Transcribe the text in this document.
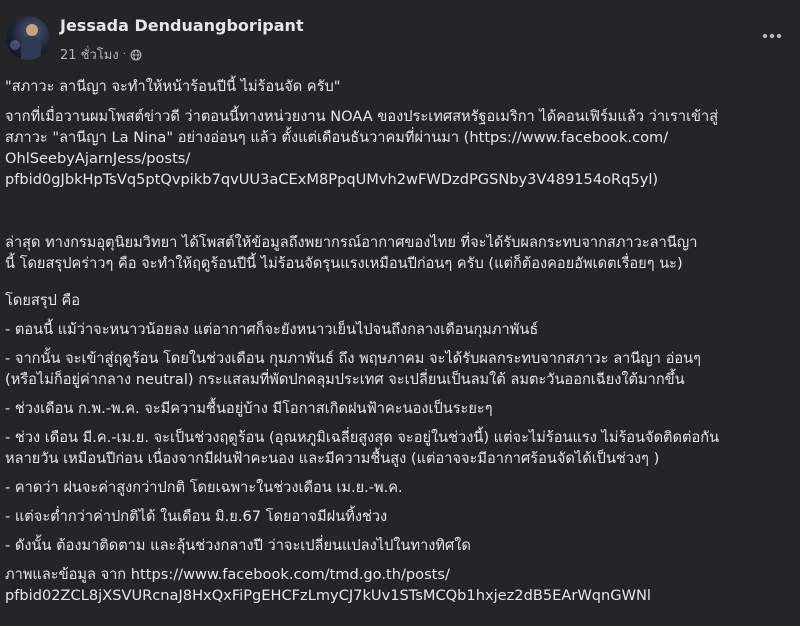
Jessada Denduangboripant
21 ชั่วโมง ·

"สภาวะ ลานีญา จะทำให้หน้าร้อนปีนี้ ไม่ร้อนจัด ครับ"

จากที่เมื่อวานผมโพสต์ข่าวดี ว่าตอนนี้ทางหน่วยงาน NOAA ของประเทศสหรัฐอเมริกา ได้คอนเฟิร์มแล้ว ว่าเราเข้าสู่
สภาวะ "ลานีญา La Nina" อย่างอ่อนๆ แล้ว ตั้งแต่เดือนธันวาคมที่ผ่านมา (https://www.facebook.com/
OhlSeebyAjarnJess/posts/
pfbid0gJbkHpTsVq5ptQvpikb7qvUU3aCExM8PpqUMvh2wFWDzdPGSNby3V489154oRq5yl)

ล่าสุด ทางกรมอุตุนิยมวิทยา ได้โพสต์ให้ข้อมูลถึงพยากรณ์อากาศของไทย ที่จะได้รับผลกระทบจากสภาวะลานีญา
นี้ โดยสรุปคร่าวๆ คือ จะทำให้ฤดูร้อนปีนี้ ไม่ร้อนจัดรุนแรงเหมือนปีก่อนๆ ครับ (แต่ก็ต้องคอยอัพเดตเรื่อยๆ นะ)

โดยสรุป คือ

- ตอนนี้ แม้ว่าจะหนาวน้อยลง แต่อากาศก็จะยังหนาวเย็นไปจนถึงกลางเดือนกุมภาพันธ์

- จากนั้น จะเข้าสู่ฤดูร้อน โดยในช่วงเดือน กุมภาพันธ์ ถึง พฤษภาคม จะได้รับผลกระทบจากสภาวะ ลานีญา อ่อนๆ
(หรือไม่ก็อยู่ค่ากลาง neutral) กระแสลมที่พัดปกคลุมประเทศ จะเปลี่ยนเป็นลมใต้ ลมตะวันออกเฉียงใต้มากขึ้น

- ช่วงเดือน ก.พ.-พ.ค. จะมีความชื้นอยู่บ้าง มีโอกาสเกิดฝนฟ้าคะนองเป็นระยะๆ

- ช่วง เดือน มี.ค.-เม.ย. จะเป็นช่วงฤดูร้อน (อุณหภูมิเฉลี่ยสูงสุด จะอยู่ในช่วงนี้) แต่จะไม่ร้อนแรง ไม่ร้อนจัดติดต่อกัน
หลายวัน เหมือนปีก่อน เนื่องจากมีฝนฟ้าคะนอง และมีความชื้นสูง (แต่อาจจะมีอากาศร้อนจัดได้เป็นช่วงๆ )

- คาดว่า ฝนจะค่าสูงกว่าปกติ โดยเฉพาะในช่วงเดือน เม.ย.-พ.ค.

- แต่จะต่ำกว่าค่าปกติได้ ในเดือน มิ.ย.67 โดยอาจมีฝนทิ้งช่วง

- ดังนั้น ต้องมาติดตาม และลุ้นช่วงกลางปี ว่าจะเปลี่ยนแปลงไปในทางทิศใด

ภาพและข้อมูล จาก https://www.facebook.com/tmd.go.th/posts/
pfbid02ZCL8jXSVURcnaJ8HxQxFiPgEHCFzLmyCJ7kUv1STsMCQb1hxjez2dB5EArWqnGWNl
